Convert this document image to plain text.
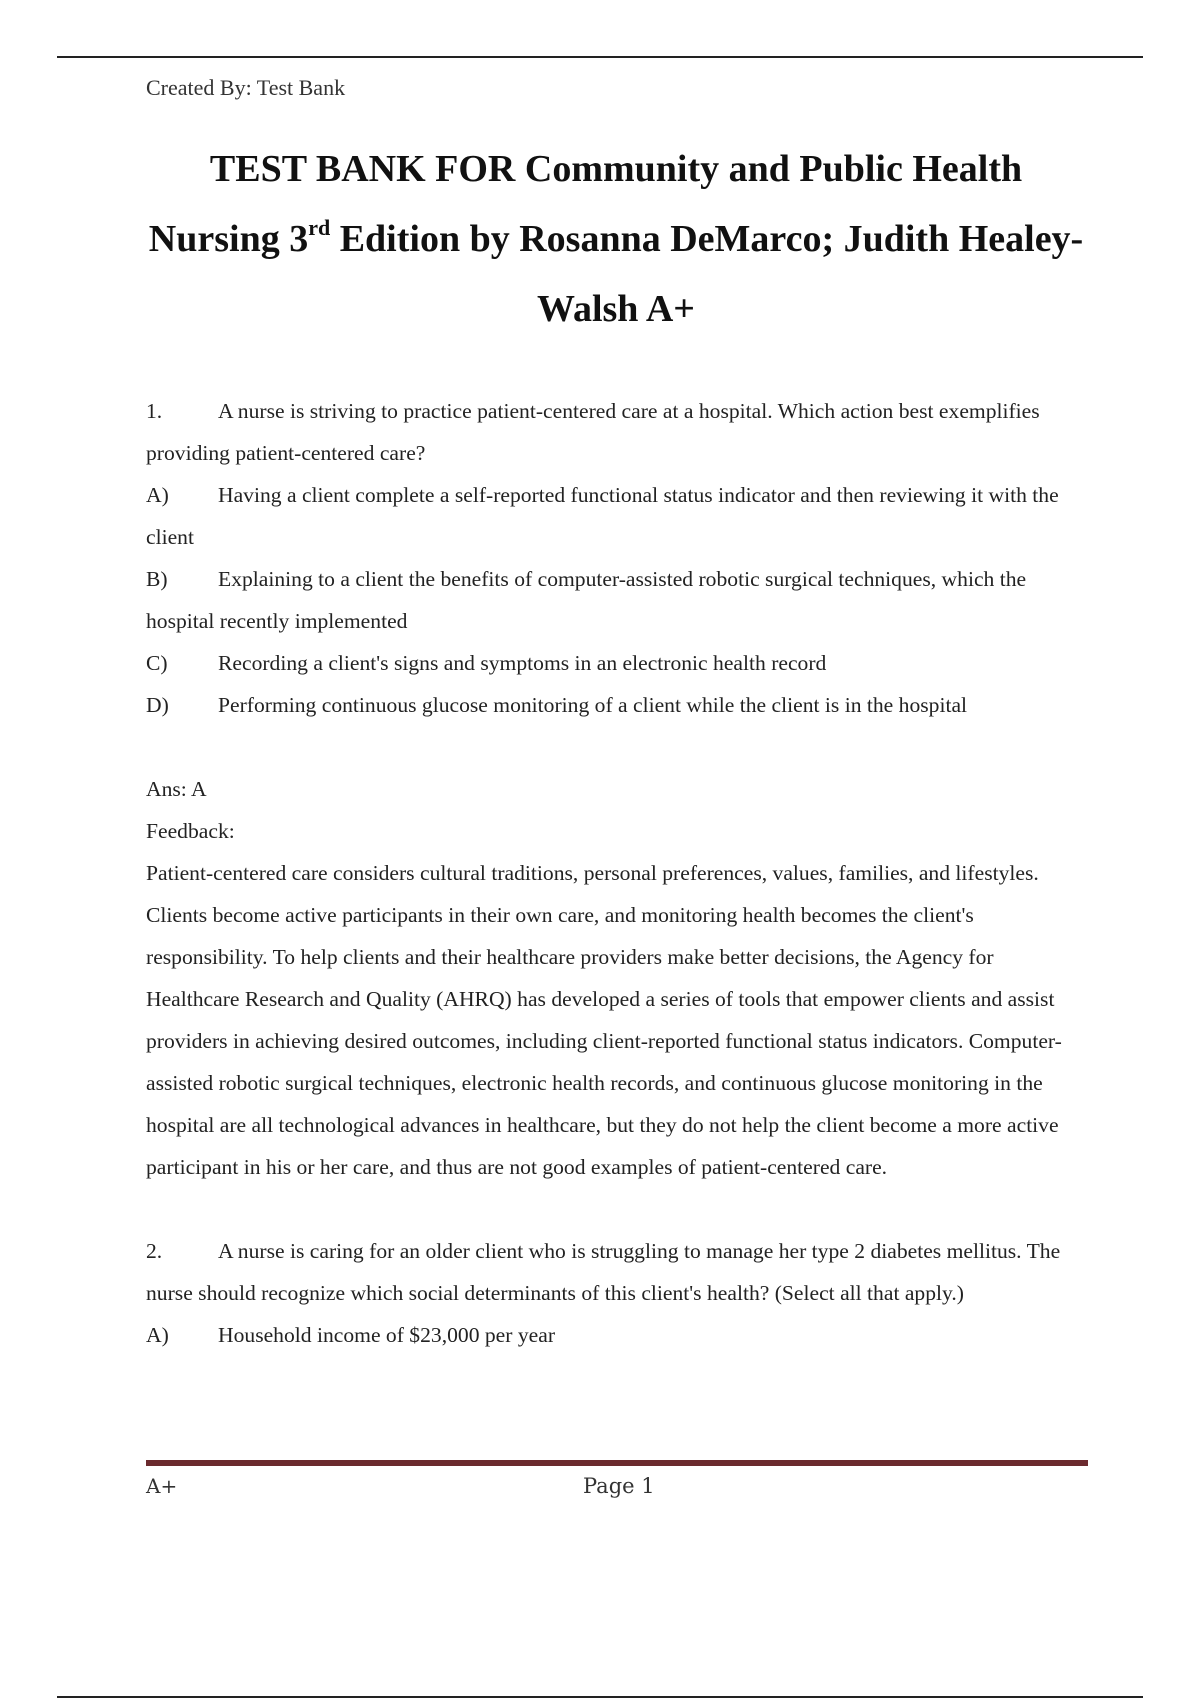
Created By: Test Bank
TEST BANK FOR Community and Public Health Nursing 3rd Edition by Rosanna DeMarco; Judith Healey-Walsh A+

1.	A nurse is striving to practice patient-centered care at a hospital. Which action best exemplifies providing patient-centered care?

A) Having a client complete a self-reported functional status indicator and then reviewing it with the client

B) Explaining to a client the benefits of computer-assisted robotic surgical techniques, which the hospital recently implemented

C) Recording a client's signs and symptoms in an electronic health record

D) Performing continuous glucose monitoring of a client while the client is in the hospital

Ans: A

Feedback:

Patient-centered care considers cultural traditions, personal preferences, values, families, and lifestyles. Clients become active participants in their own care, and monitoring health becomes the client's responsibility. To help clients and their healthcare providers make better decisions, the Agency for Healthcare Research and Quality (AHRQ) has developed a series of tools that empower clients and assist providers in achieving desired outcomes, including client-reported functional status indicators. Computer-assisted robotic surgical techniques, electronic health records, and continuous glucose monitoring in the hospital are all technological advances in healthcare, but they do not help the client become a more active participant in his or her care, and thus are not good examples of patient-centered care.

2.	A nurse is caring for an older client who is struggling to manage her type 2 diabetes mellitus. The nurse should recognize which social determinants of this client's health? (Select all that apply.)

A) Household income of $23,000 per year

A+	Page 1
